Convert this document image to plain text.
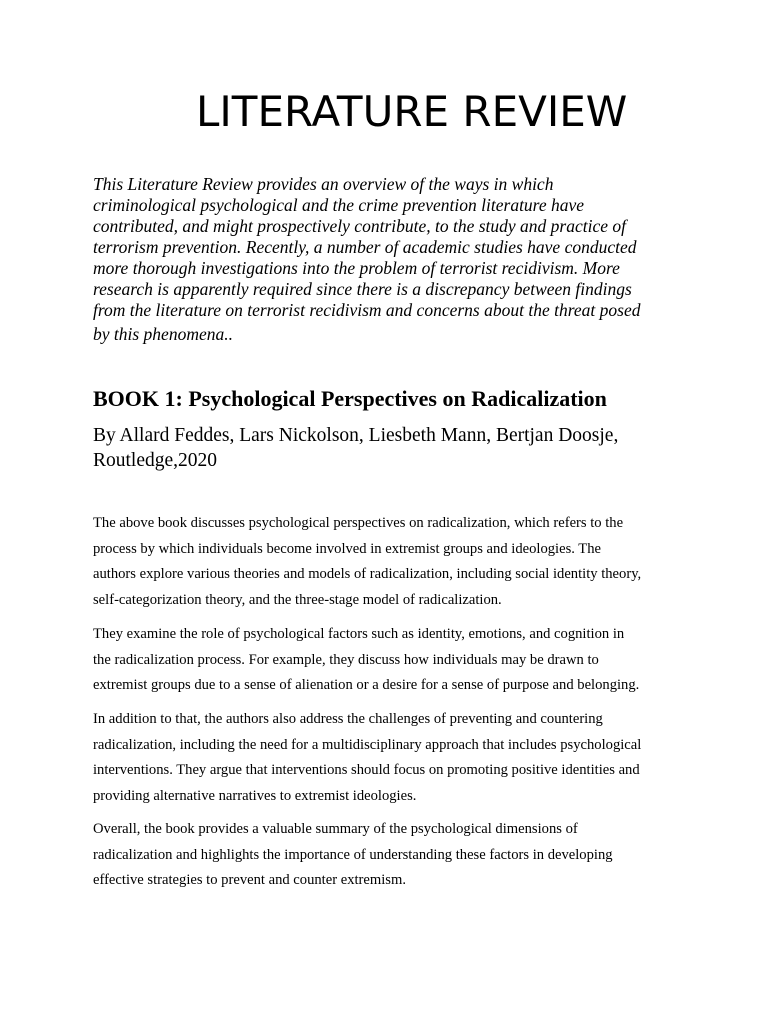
LITERATURE REVIEW

This Literature Review provides an overview of the ways in which
criminological psychological and the crime prevention literature have
contributed, and might prospectively contribute, to the study and practice of
terrorism prevention. Recently, a number of academic studies have conducted
more thorough investigations into the problem of terrorist recidivism. More
research is apparently required since there is a discrepancy between findings
from the literature on terrorist recidivism and concerns about the threat posed
by this phenomena..

BOOK 1: Psychological Perspectives on Radicalization

By Allard Feddes, Lars Nickolson, Liesbeth Mann, Bertjan Doosje,
Routledge,2020

The above book discusses psychological perspectives on radicalization, which refers to the
process by which individuals become involved in extremist groups and ideologies. The
authors explore various theories and models of radicalization, including social identity theory,
self-categorization theory, and the three-stage model of radicalization.

They examine the role of psychological factors such as identity, emotions, and cognition in
the radicalization process. For example, they discuss how individuals may be drawn to
extremist groups due to a sense of alienation or a desire for a sense of purpose and belonging.

In addition to that, the authors also address the challenges of preventing and countering
radicalization, including the need for a multidisciplinary approach that includes psychological
interventions. They argue that interventions should focus on promoting positive identities and
providing alternative narratives to extremist ideologies.

Overall, the book provides a valuable summary of the psychological dimensions of
radicalization and highlights the importance of understanding these factors in developing
effective strategies to prevent and counter extremism.
